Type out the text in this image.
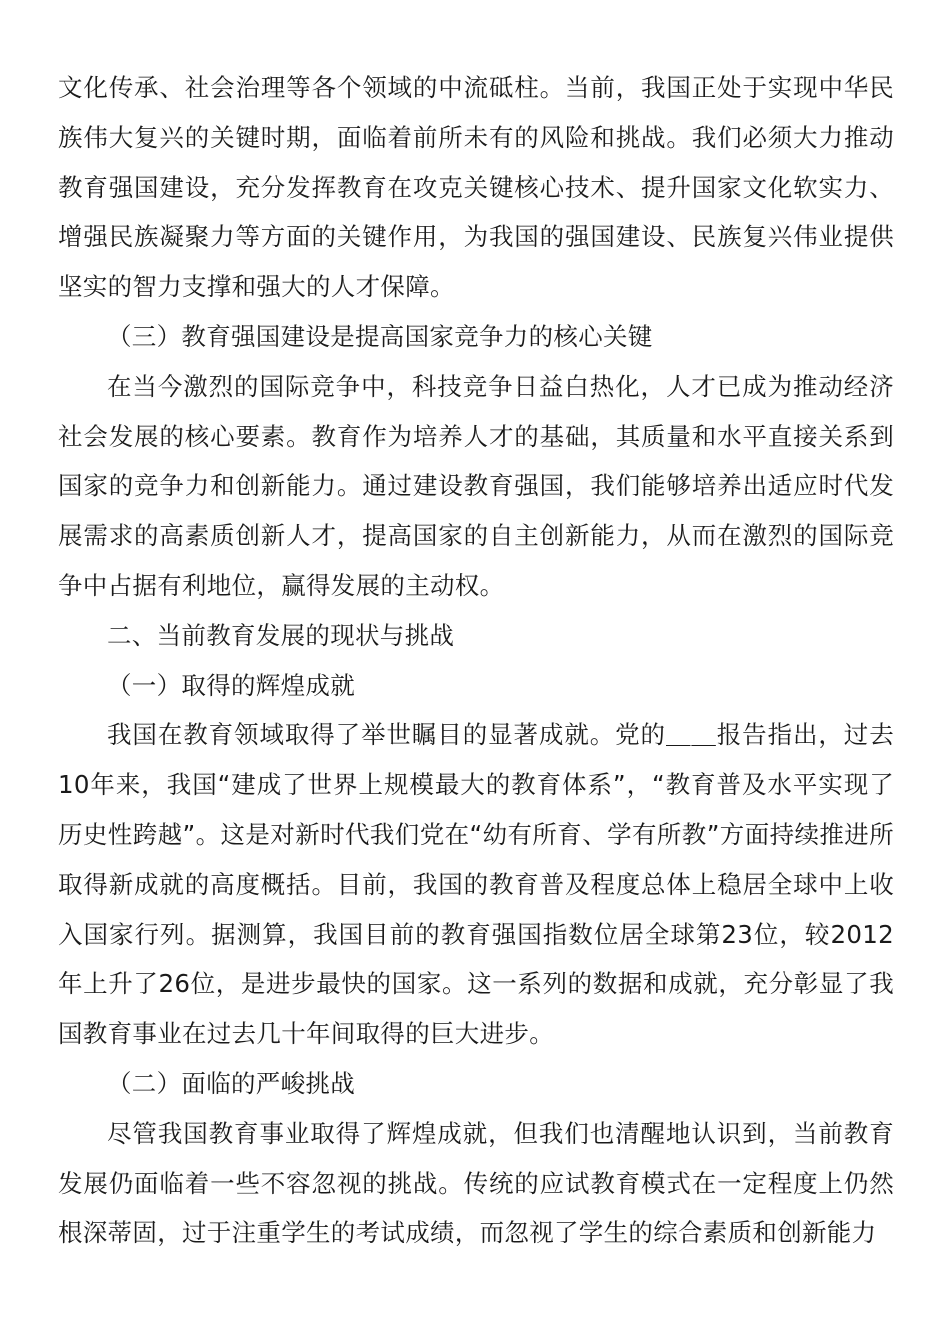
文化传承、社会治理等各个领域的中流砥柱。当前，我国正处于实现中华民族伟大复兴的关键时期，面临着前所未有的风险和挑战。我们必须大力推动教育强国建设，充分发挥教育在攻克关键核心技术、提升国家文化软实力、增强民族凝聚力等方面的关键作用，为我国的强国建设、民族复兴伟业提供坚实的智力支撑和强大的人才保障。

（三）教育强国建设是提高国家竞争力的核心关键

在当今激烈的国际竞争中，科技竞争日益白热化，人才已成为推动经济社会发展的核心要素。教育作为培养人才的基础，其质量和水平直接关系到国家的竞争力和创新能力。通过建设教育强国，我们能够培养出适应时代发展需求的高素质创新人才，提高国家的自主创新能力，从而在激烈的国际竞争中占据有利地位，赢得发展的主动权。

二、当前教育发展的现状与挑战

（一）取得的辉煌成就

我国在教育领域取得了举世瞩目的显著成就。党的＿＿报告指出，过去10年来，我国“建成了世界上规模最大的教育体系”，“教育普及水平实现了历史性跨越”。这是对新时代我们党在“幼有所育、学有所教”方面持续推进所取得新成就的高度概括。目前，我国的教育普及程度总体上稳居全球中上收入国家行列。据测算，我国目前的教育强国指数位居全球第23位，较2012年上升了26位，是进步最快的国家。这一系列的数据和成就，充分彰显了我国教育事业在过去几十年间取得的巨大进步。

（二）面临的严峻挑战

尽管我国教育事业取得了辉煌成就，但我们也清醒地认识到，当前教育发展仍面临着一些不容忽视的挑战。传统的应试教育模式在一定程度上仍然根深蒂固，过于注重学生的考试成绩，而忽视了学生的综合素质和创新能力
